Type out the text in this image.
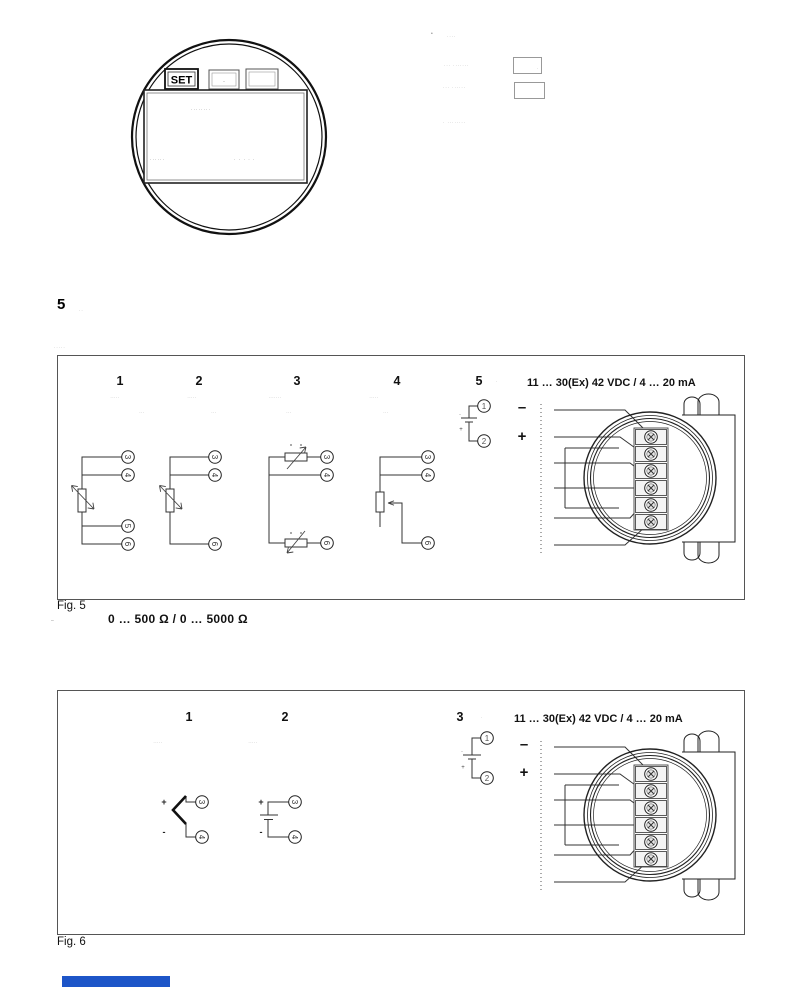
SET	·
········
······	· · · · ·
•	····
··· ·······
·
··· ······
· ········
5	··
·····
1	2	3	4	5	·	11 … 30(Ex) 42 VDC / 4 … 20 mA
·····
···
·····
···
·······
···
·····
···
3
4
5
6
3
4
6
3
4
6
3
4
6
·
+
1
2
–
+
Fig. 5
–	0 … 500 Ω / 0 … 5000 Ω
1	2	3	·	11 … 30(Ex) 42 VDC / 4 … 20 mA
·····	·····
+
-
3
4
+
-
3
4
·
+
1
2
–
+
Fig. 6
